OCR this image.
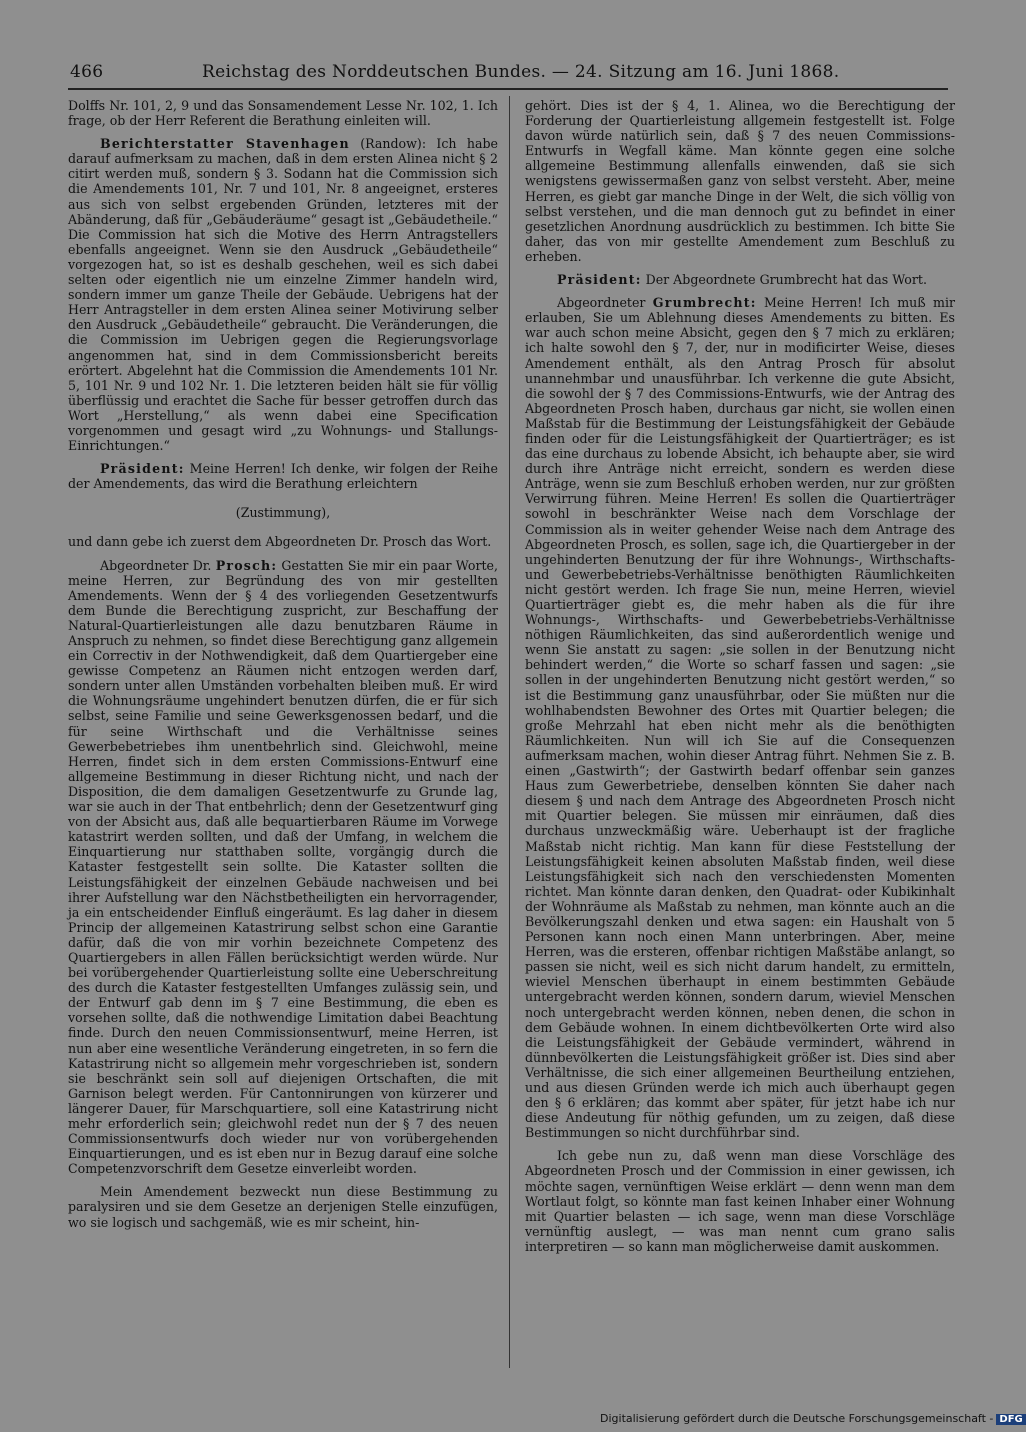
466	Reichstag des Norddeutschen Bundes. — 24. Sitzung am 16. Juni 1868.

Dolffs Nr. 101, 2, 9 und das Sonsamendement Lesse Nr. 102, 1. Ich frage, ob der Herr Referent die Berathung einleiten will.

Berichterstatter Stavenhagen (Randow): Ich habe darauf aufmerksam zu machen, daß in dem ersten Alinea nicht § 2 citirt werden muß, sondern § 3. Sodann hat die Commission sich die Amendements 101, Nr. 7 und 101, Nr. 8 angeeignet, ersteres aus sich von selbst ergebenden Gründen, letzteres mit der Abänderung, daß für „Gebäuderäume“ gesagt ist „Gebäudetheile.“ Die Commission hat sich die Motive des Herrn Antragstellers ebenfalls angeeignet. Wenn sie den Ausdruck „Gebäudetheile“ vorgezogen hat, so ist es deshalb geschehen, weil es sich dabei selten oder eigentlich nie um einzelne Zimmer handeln wird, sondern immer um ganze Theile der Gebäude. Uebrigens hat der Herr Antragsteller in dem ersten Alinea seiner Motivirung selber den Ausdruck „Gebäudetheile“ gebraucht. Die Veränderungen, die die Commission im Uebrigen gegen die Regierungsvorlage angenommen hat, sind in dem Commissionsbericht bereits erörtert. Abgelehnt hat die Commission die Amendements 101 Nr. 5, 101 Nr. 9 und 102 Nr. 1. Die letzteren beiden hält sie für völlig überflüssig und erachtet die Sache für besser getroffen durch das Wort „Herstellung,“ als wenn dabei eine Specification vorgenommen und gesagt wird „zu Wohnungs- und Stallungs-Einrichtungen.“

Präsident: Meine Herren! Ich denke, wir folgen der Reihe der Amendements, das wird die Berathung erleichtern

(Zustimmung),

und dann gebe ich zuerst dem Abgeordneten Dr. Prosch das Wort.

Abgeordneter Dr. Prosch: Gestatten Sie mir ein paar Worte, meine Herren, zur Begründung des von mir gestellten Amendements. Wenn der § 4 des vorliegenden Gesetzentwurfs dem Bunde die Berechtigung zuspricht, zur Beschaffung der Natural-Quartierleistungen alle dazu benutzbaren Räume in Anspruch zu nehmen, so findet diese Berechtigung ganz allgemein ein Correctiv in der Nothwendigkeit, daß dem Quartiergeber eine gewisse Competenz an Räumen nicht entzogen werden darf, sondern unter allen Umständen vorbehalten bleiben muß. Er wird die Wohnungsräume ungehindert benutzen dürfen, die er für sich selbst, seine Familie und seine Gewerksgenossen bedarf, und die für seine Wirthschaft und die Verhältnisse seines Gewerbebetriebes ihm unentbehrlich sind. Gleichwohl, meine Herren, findet sich in dem ersten Commissions-Entwurf eine allgemeine Bestimmung in dieser Richtung nicht, und nach der Disposition, die dem damaligen Gesetzentwurfe zu Grunde lag, war sie auch in der That entbehrlich; denn der Gesetzentwurf ging von der Absicht aus, daß alle bequartierbaren Räume im Vorwege katastrirt werden sollten, und daß der Umfang, in welchem die Einquartierung nur statthaben sollte, vorgängig durch die Kataster festgestellt sein sollte. Die Kataster sollten die Leistungsfähigkeit der einzelnen Gebäude nachweisen und bei ihrer Aufstellung war den Nächstbetheiligten ein hervorragender, ja ein entscheidender Einfluß eingeräumt. Es lag daher in diesem Princip der allgemeinen Katastrirung selbst schon eine Garantie dafür, daß die von mir vorhin bezeichnete Competenz des Quartiergebers in allen Fällen berücksichtigt werden würde. Nur bei vorübergehender Quartierleistung sollte eine Ueberschreitung des durch die Kataster festgestellten Umfanges zulässig sein, und der Entwurf gab denn im § 7 eine Bestimmung, die eben es vorsehen sollte, daß die nothwendige Limitation dabei Beachtung finde. Durch den neuen Commissionsentwurf, meine Herren, ist nun aber eine wesentliche Veränderung eingetreten, in so fern die Katastrirung nicht so allgemein mehr vorgeschrieben ist, sondern sie beschränkt sein soll auf diejenigen Ortschaften, die mit Garnison belegt werden. Für Cantonnirungen von kürzerer und längerer Dauer, für Marschquartiere, soll eine Katastrirung nicht mehr erforderlich sein; gleichwohl redet nun der § 7 des neuen Commissionsentwurfs doch wieder nur von vorübergehenden Einquartierungen, und es ist eben nur in Bezug darauf eine solche Competenzvorschrift dem Gesetze einverleibt worden.

Mein Amendement bezweckt nun diese Bestimmung zu paralysiren und sie dem Gesetze an derjenigen Stelle einzufügen, wo sie logisch und sachgemäß, wie es mir scheint, hin-

gehört. Dies ist der § 4, 1. Alinea, wo die Berechtigung der Forderung der Quartierleistung allgemein festgestellt ist. Folge davon würde natürlich sein, daß § 7 des neuen Commissions-Entwurfs in Wegfall käme. Man könnte gegen eine solche allgemeine Bestimmung allenfalls einwenden, daß sie sich wenigstens gewissermaßen ganz von selbst versteht. Aber, meine Herren, es giebt gar manche Dinge in der Welt, die sich völlig von selbst verstehen, und die man dennoch gut zu befindet in einer gesetzlichen Anordnung ausdrücklich zu bestimmen. Ich bitte Sie daher, das von mir gestellte Amendement zum Beschluß zu erheben.

Präsident: Der Abgeordnete Grumbrecht hat das Wort.

Abgeordneter Grumbrecht: Meine Herren! Ich muß mir erlauben, Sie um Ablehnung dieses Amendements zu bitten. Es war auch schon meine Absicht, gegen den § 7 mich zu erklären; ich halte sowohl den § 7, der, nur in modificirter Weise, dieses Amendement enthält, als den Antrag Prosch für absolut unannehmbar und unausführbar. Ich verkenne die gute Absicht, die sowohl der § 7 des Commissions-Entwurfs, wie der Antrag des Abgeordneten Prosch haben, durchaus gar nicht, sie wollen einen Maßstab für die Bestimmung der Leistungsfähigkeit der Gebäude finden oder für die Leistungsfähigkeit der Quartierträger; es ist das eine durchaus zu lobende Absicht, ich behaupte aber, sie wird durch ihre Anträge nicht erreicht, sondern es werden diese Anträge, wenn sie zum Beschluß erhoben werden, nur zur größten Verwirrung führen. Meine Herren! Es sollen die Quartierträger sowohl in beschränkter Weise nach dem Vorschlage der Commission als in weiter gehender Weise nach dem Antrage des Abgeordneten Prosch, es sollen, sage ich, die Quartiergeber in der ungehinderten Benutzung der für ihre Wohnungs-, Wirthschafts- und Gewerbebetriebs-Verhältnisse benöthigten Räumlichkeiten nicht gestört werden. Ich frage Sie nun, meine Herren, wieviel Quartierträger giebt es, die mehr haben als die für ihre Wohnungs-, Wirthschafts- und Gewerbebetriebs-Verhältnisse nöthigen Räumlichkeiten, das sind außerordentlich wenige und wenn Sie anstatt zu sagen: „sie sollen in der Benutzung nicht behindert werden,“ die Worte so scharf fassen und sagen: „sie sollen in der ungehinderten Benutzung nicht gestört werden,“ so ist die Bestimmung ganz unausführbar, oder Sie müßten nur die wohlhabendsten Bewohner des Ortes mit Quartier belegen; die große Mehrzahl hat eben nicht mehr als die benöthigten Räumlichkeiten. Nun will ich Sie auf die Consequenzen aufmerksam machen, wohin dieser Antrag führt. Nehmen Sie z. B. einen „Gastwirth“; der Gastwirth bedarf offenbar sein ganzes Haus zum Gewerbetriebe, denselben könnten Sie daher nach diesem § und nach dem Antrage des Abgeordneten Prosch nicht mit Quartier belegen. Sie müssen mir einräumen, daß dies durchaus unzweckmäßig wäre. Ueberhaupt ist der fragliche Maßstab nicht richtig. Man kann für diese Feststellung der Leistungsfähigkeit keinen absoluten Maßstab finden, weil diese Leistungsfähigkeit sich nach den verschiedensten Momenten richtet. Man könnte daran denken, den Quadrat- oder Kubikinhalt der Wohnräume als Maßstab zu nehmen, man könnte auch an die Bevölkerungszahl denken und etwa sagen: ein Haushalt von 5 Personen kann noch einen Mann unterbringen. Aber, meine Herren, was die ersteren, offenbar richtigen Maßstäbe anlangt, so passen sie nicht, weil es sich nicht darum handelt, zu ermitteln, wieviel Menschen überhaupt in einem bestimmten Gebäude untergebracht werden können, sondern darum, wieviel Menschen noch untergebracht werden können, neben denen, die schon in dem Gebäude wohnen. In einem dichtbevölkerten Orte wird also die Leistungsfähigkeit der Gebäude vermindert, während in dünnbevölkerten die Leistungsfähigkeit größer ist. Dies sind aber Verhältnisse, die sich einer allgemeinen Beurtheilung entziehen, und aus diesen Gründen werde ich mich auch überhaupt gegen den § 6 erklären; das kommt aber später, für jetzt habe ich nur diese Andeutung für nöthig gefunden, um zu zeigen, daß diese Bestimmungen so nicht durchführbar sind.

Ich gebe nun zu, daß wenn man diese Vorschläge des Abgeordneten Prosch und der Commission in einer gewissen, ich möchte sagen, vernünftigen Weise erklärt — denn wenn man dem Wortlaut folgt, so könnte man fast keinen Inhaber einer Wohnung mit Quartier belasten — ich sage, wenn man diese Vorschläge vernünftig auslegt, — was man nennt cum grano salis interpretiren — so kann man möglicherweise damit auskommen.

Digitalisierung gefördert durch die Deutsche Forschungsgemeinschaft - DFG
